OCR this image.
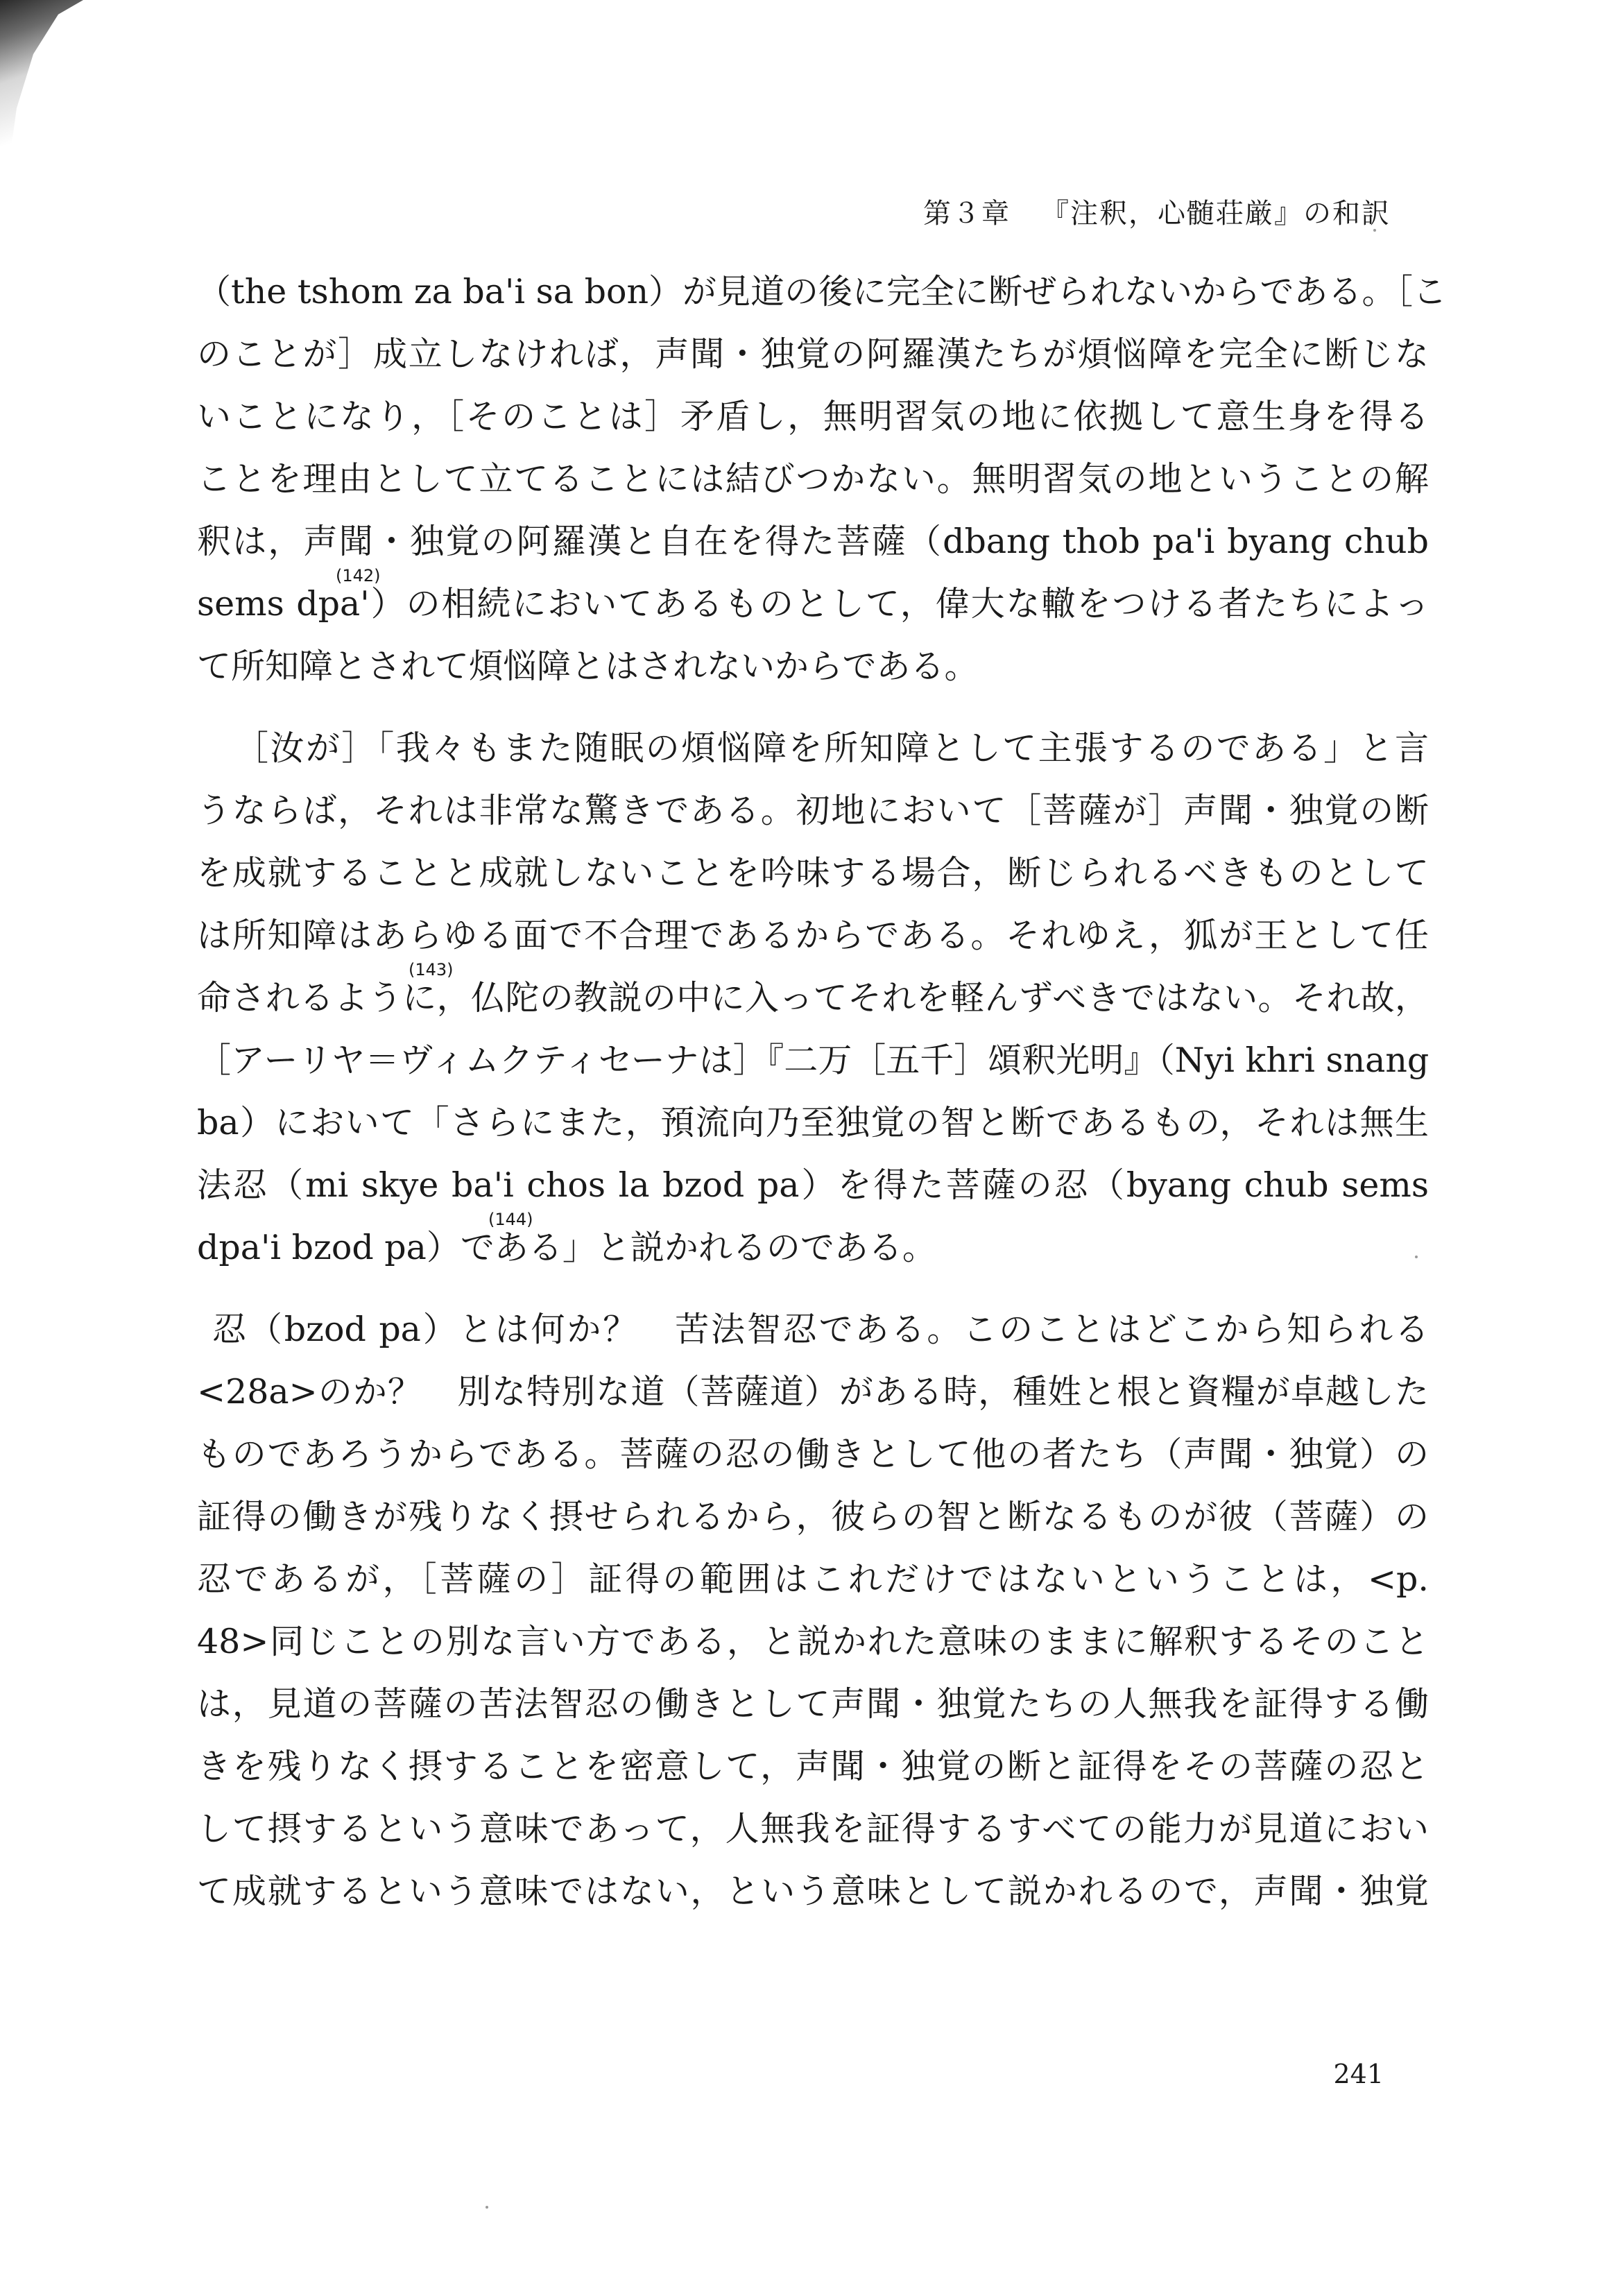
第３章 『注釈，心髄荘厳』の和訳
（the tshom za ba'i sa bon）が見道の後に完全に断ぜられないからである。［こ
のことが］成立しなければ，声聞・独覚の阿羅漢たちが煩悩障を完全に断じな
いことになり，［そのことは］矛盾し，無明習気の地に依拠して意生身を得る
ことを理由として立てることには結びつかない。無明習気の地ということの解
釈は，声聞・独覚の阿羅漢と自在を得た菩薩（dbang thob pa'i byang chub
(142)
sems dpa'）の相続においてあるものとして，偉大な轍をつける者たちによっ
て所知障とされて煩悩障とはされないからである。
［汝が］「我々もまた随眠の煩悩障を所知障として主張するのである」と言
うならば，それは非常な驚きである。初地において［菩薩が］声聞・独覚の断
を成就することと成就しないことを吟味する場合，断じられるべきものとして
は所知障はあらゆる面で不合理であるからである。それゆえ，狐が王として任
(143)
命されるように，仏陀の教説の中に入ってそれを軽んずべきではない。それ故，
［アーリヤ＝ヴィムクティセーナは］『二万［五千］頌釈光明』（Nyi khri snang
ba）において「さらにまた，預流向乃至独覚の智と断であるもの，それは無生
法忍（mi skye ba'i chos la bzod pa）を得た菩薩の忍（byang chub sems
(144)
dpa'i bzod pa）である」と説かれるのである。
忍（bzod pa）とは何か？　苦法智忍である。このことはどこから知られる
<28a>のか？　別な特別な道（菩薩道）がある時，種姓と根と資糧が卓越した
ものであろうからである。菩薩の忍の働きとして他の者たち（声聞・独覚）の
証得の働きが残りなく摂せられるから，彼らの智と断なるものが彼（菩薩）の
忍であるが，［菩薩の］証得の範囲はこれだけではないということは，<p.
48>同じことの別な言い方である，と説かれた意味のままに解釈するそのこと
は，見道の菩薩の苦法智忍の働きとして声聞・独覚たちの人無我を証得する働
きを残りなく摂することを密意して，声聞・独覚の断と証得をその菩薩の忍と
して摂するという意味であって，人無我を証得するすべての能力が見道におい
て成就するという意味ではない，という意味として説かれるので，声聞・独覚
241
